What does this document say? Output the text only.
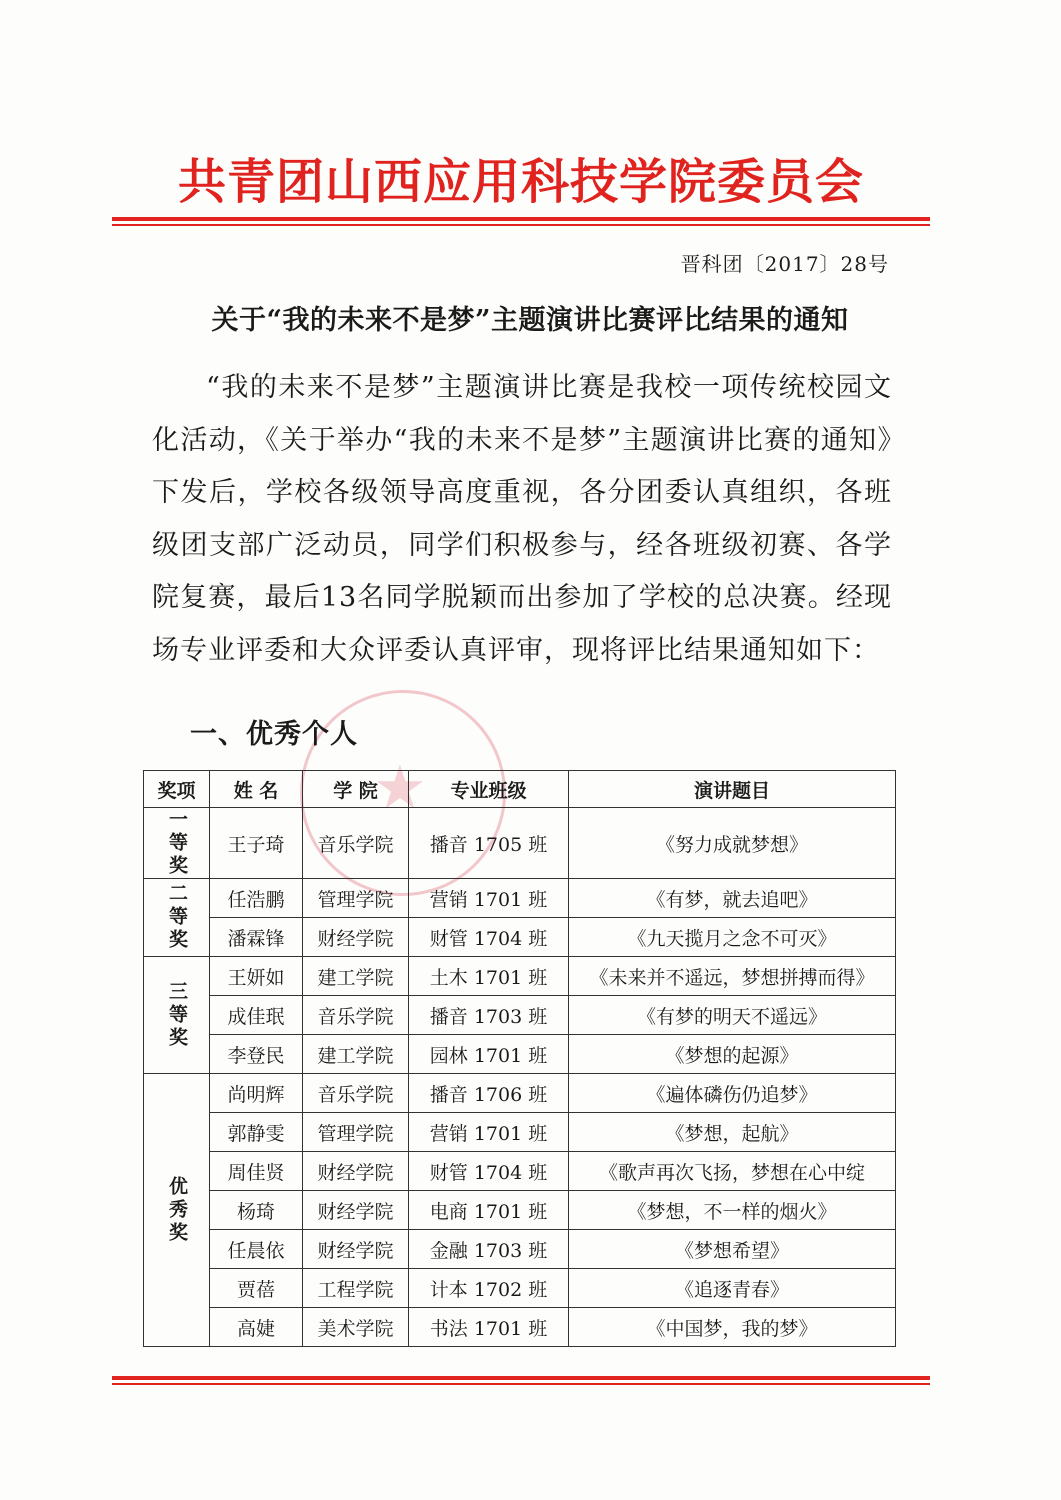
★
共青团山西应用科技学院委员会
晋科团〔2017〕28号
关于“我的未来不是梦”主题演讲比赛评比结果的通知
“我的未来不是梦”主题演讲比赛是我校一项传统校园文化活动，《关于举办“我的未来不是梦”主题演讲比赛的通知》下发后，学校各级领导高度重视，各分团委认真组织，各班级团支部广泛动员，同学们积极参与，经各班级初赛、各学院复赛，最后13名同学脱颖而出参加了学校的总决赛。经现场专业评委和大众评委认真评审，现将评比结果通知如下：
一、优秀个人
奖项	姓 名	学 院	专业班级	演讲题目
一等奖	王子琦	音乐学院	播音 1705 班	《努力成就梦想》
二等奖	任浩鹏	管理学院	营销 1701 班	《有梦，就去追吧》
	潘霖锋	财经学院	财管 1704 班	《九天揽月之念不可灭》
三等奖	王妍如	建工学院	土木 1701 班	《未来并不遥远，梦想拼搏而得》
	成佳珉	音乐学院	播音 1703 班	《有梦的明天不遥远》
	李登民	建工学院	园林 1701 班	《梦想的起源》
优秀奖	尚明辉	音乐学院	播音 1706 班	《遍体磷伤仍追梦》
	郭静雯	管理学院	营销 1701 班	《梦想，起航》
	周佳贤	财经学院	财管 1704 班	《歌声再次飞扬，梦想在心中绽
	杨琦	财经学院	电商 1701 班	《梦想，不一样的烟火》
	任晨依	财经学院	金融 1703 班	《梦想希望》
	贾蓓	工程学院	计本 1702 班	《追逐青春》
	高婕	美术学院	书法 1701 班	《中国梦，我的梦》
